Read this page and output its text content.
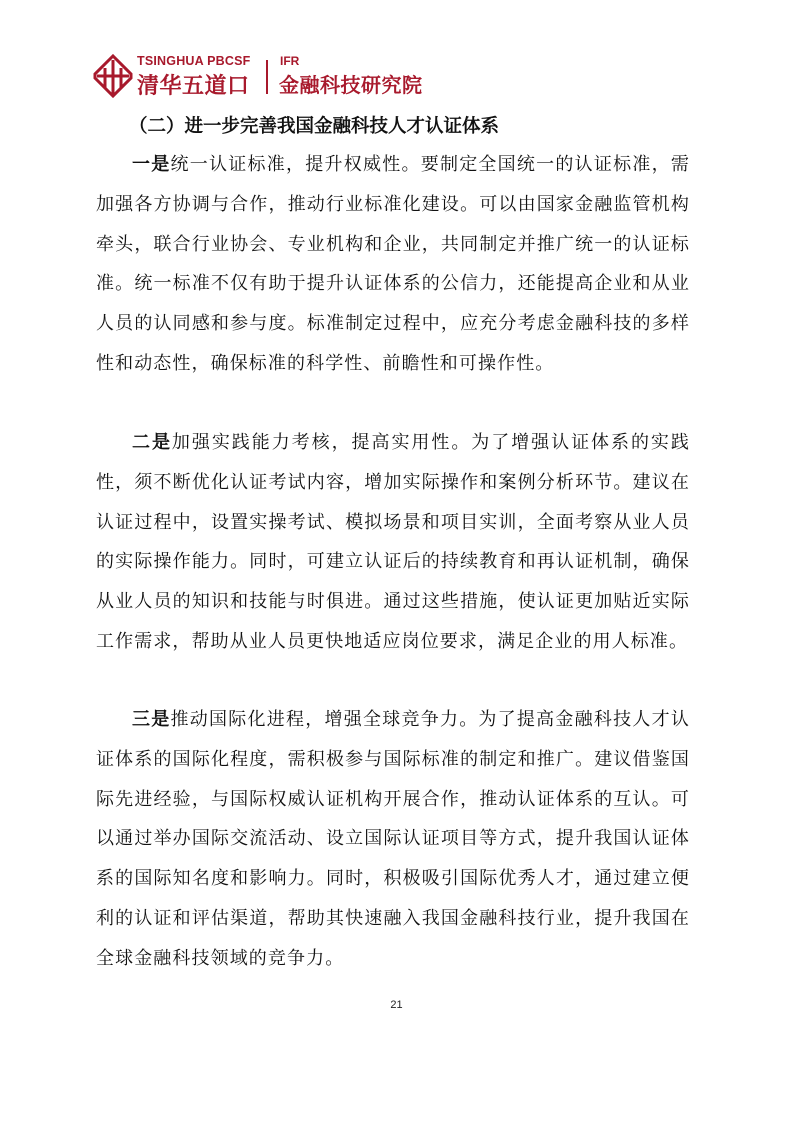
TSINGHUA PBCSF
清华五道口
IFR
金融科技研究院
（二）进一步完善我国金融科技人才认证体系

一是统一认证标准，提升权威性。要制定全国统一的认证标准，需加强各方协调与合作，推动行业标准化建设。可以由国家金融监管机构牵头，联合行业协会、专业机构和企业，共同制定并推广统一的认证标准。统一标准不仅有助于提升认证体系的公信力，还能提高企业和从业人员的认同感和参与度。标准制定过程中，应充分考虑金融科技的多样性和动态性，确保标准的科学性、前瞻性和可操作性。

二是加强实践能力考核，提高实用性。为了增强认证体系的实践性，须不断优化认证考试内容，增加实际操作和案例分析环节。建议在认证过程中，设置实操考试、模拟场景和项目实训，全面考察从业人员的实际操作能力。同时，可建立认证后的持续教育和再认证机制，确保从业人员的知识和技能与时俱进。通过这些措施，使认证更加贴近实际工作需求，帮助从业人员更快地适应岗位要求，满足企业的用人标准。

三是推动国际化进程，增强全球竞争力。为了提高金融科技人才认证体系的国际化程度，需积极参与国际标准的制定和推广。建议借鉴国际先进经验，与国际权威认证机构开展合作，推动认证体系的互认。可以通过举办国际交流活动、设立国际认证项目等方式，提升我国认证体系的国际知名度和影响力。同时，积极吸引国际优秀人才，通过建立便利的认证和评估渠道，帮助其快速融入我国金融科技行业，提升我国在全球金融科技领域的竞争力。

21
